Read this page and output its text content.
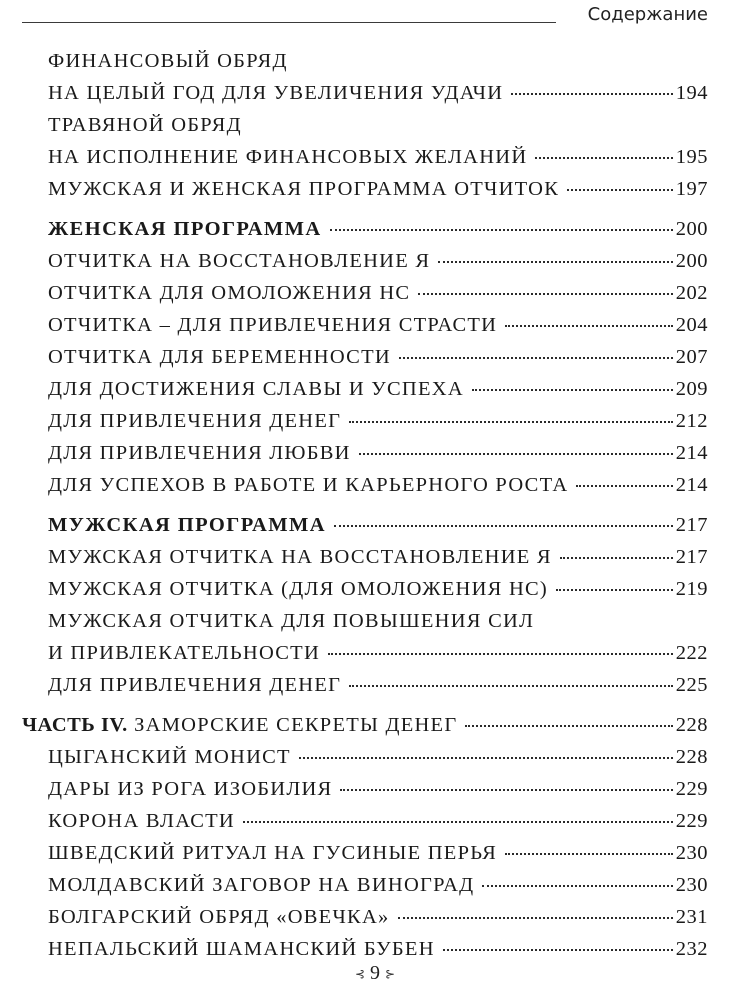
Содержание
ФИНАНСОВЫЙ ОБРЯД
НА ЦЕЛЫЙ ГОД ДЛЯ УВЕЛИЧЕНИЯ УДАЧИ	194
ТРАВЯНОЙ ОБРЯД
НА ИСПОЛНЕНИЕ ФИНАНСОВЫХ ЖЕЛАНИЙ	195
МУЖСКАЯ И ЖЕНСКАЯ ПРОГРАММА ОТЧИТОК	197
ЖЕНСКАЯ ПРОГРАММА	200
ОТЧИТКА НА ВОССТАНОВЛЕНИЕ Я	200
ОТЧИТКА ДЛЯ ОМОЛОЖЕНИЯ НС	202
ОТЧИТКА – ДЛЯ ПРИВЛЕЧЕНИЯ СТРАСТИ	204
ОТЧИТКА ДЛЯ БЕРЕМЕННОСТИ	207
ДЛЯ ДОСТИЖЕНИЯ СЛАВЫ И УСПЕХА	209
ДЛЯ ПРИВЛЕЧЕНИЯ ДЕНЕГ	212
ДЛЯ ПРИВЛЕЧЕНИЯ ЛЮБВИ	214
ДЛЯ УСПЕХОВ В РАБОТЕ И КАРЬЕРНОГО РОСТА	214
МУЖСКАЯ ПРОГРАММА	217
МУЖСКАЯ ОТЧИТКА НА ВОССТАНОВЛЕНИЕ Я	217
МУЖСКАЯ ОТЧИТКА (ДЛЯ ОМОЛОЖЕНИЯ НС)	219
МУЖСКАЯ ОТЧИТКА ДЛЯ ПОВЫШЕНИЯ СИЛ
И ПРИВЛЕКАТЕЛЬНОСТИ	222
ДЛЯ ПРИВЛЕЧЕНИЯ ДЕНЕГ	225
ЧАСТЬ IV. ЗАМОРСКИЕ СЕКРЕТЫ ДЕНЕГ	228
ЦЫГАНСКИЙ МОНИСТ	228
ДАРЫ ИЗ РОГА ИЗОБИЛИЯ	229
КОРОНА ВЛАСТИ	229
ШВЕДСКИЙ РИТУАЛ НА ГУСИНЫЕ ПЕРЬЯ	230
МОЛДАВСКИЙ ЗАГОВОР НА ВИНОГРАД	230
БОЛГАРСКИЙ ОБРЯД «ОВЕЧКА»	231
НЕПАЛЬСКИЙ ШАМАНСКИЙ БУБЕН	232
⊰ 9 ⊱
